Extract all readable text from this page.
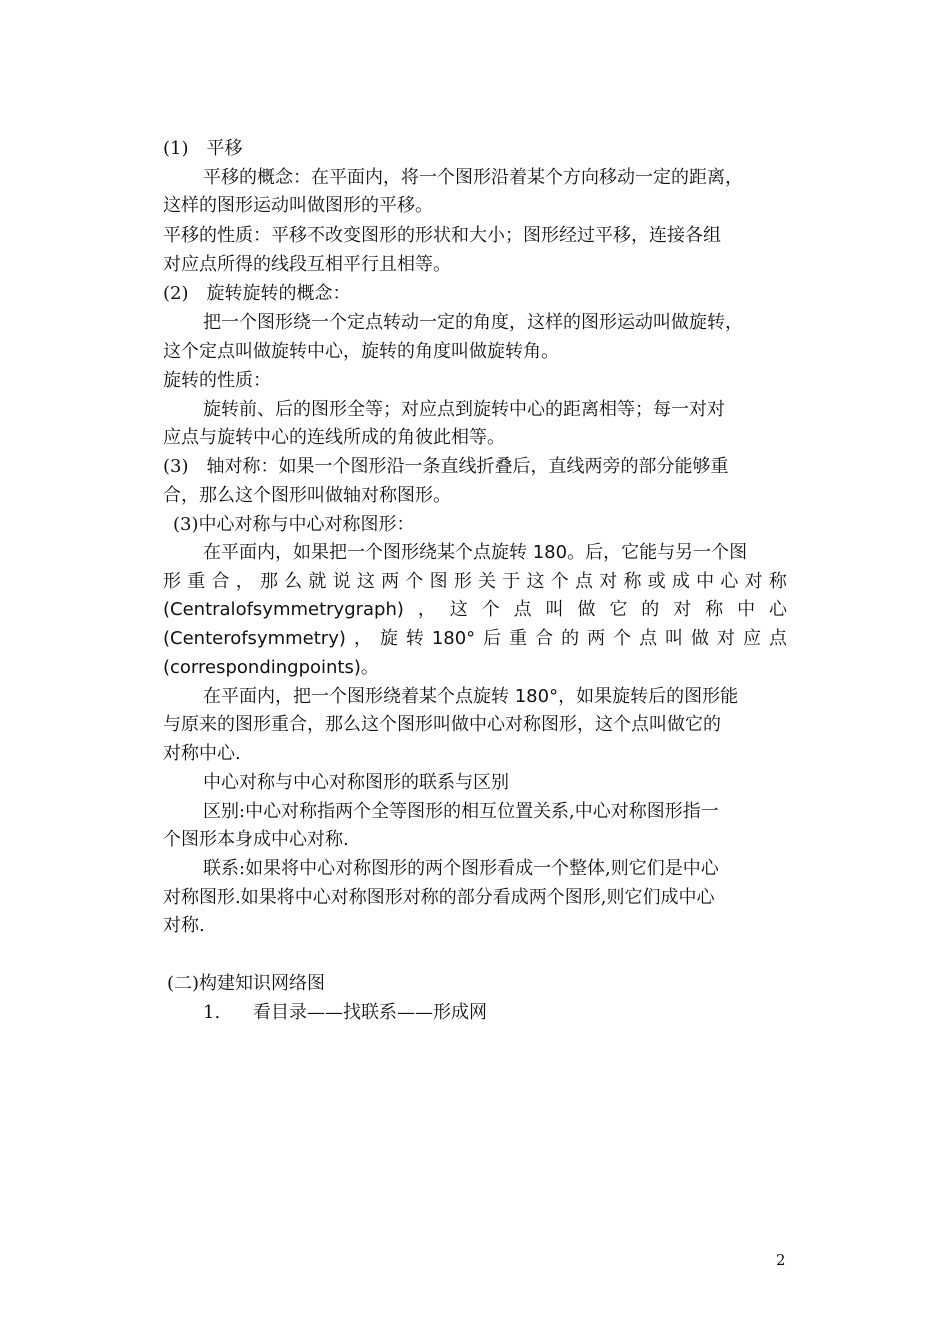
(1)　平移
平移的概念：在平面内，将一个图形沿着某个方向移动一定的距离，
这样的图形运动叫做图形的平移。
平移的性质：平移不改变图形的形状和大小；图形经过平移，连接各组
对应点所得的线段互相平行且相等。
(2)　旋转旋转的概念：
把一个图形绕一个定点转动一定的角度，这样的图形运动叫做旋转，
这个定点叫做旋转中心，旋转的角度叫做旋转角。
旋转的性质：
旋转前、后的图形全等；对应点到旋转中心的距离相等；每一对对
应点与旋转中心的连线所成的角彼此相等。
(3)　轴对称：如果一个图形沿一条直线折叠后，直线两旁的部分能够重
合，那么这个图形叫做轴对称图形。
(3)中心对称与中心对称图形：
在平面内，如果把一个图形绕某个点旋转 180。后，它能与另一个图
形 重 合 ， 那 么 就 说 这 两 个 图 形 关 于 这 个 点 对 称 或 成 中 心 对 称
(Centralofsymmetrygraph) ， 这 个 点 叫 做 它 的 对 称 中 心
(Centerofsymmetry) ， 旋 转 180° 后 重 合 的 两 个 点 叫 做 对 应 点
(correspondingpoints)。
在平面内，把一个图形绕着某个点旋转 180°，如果旋转后的图形能
与原来的图形重合，那么这个图形叫做中心对称图形，这个点叫做它的
对称中心.
中心对称与中心对称图形的联系与区别
区别:中心对称指两个全等图形的相互位置关系,中心对称图形指一
个图形本身成中心对称.
联系:如果将中心对称图形的两个图形看成一个整体,则它们是中心
对称图形.如果将中心对称图形对称的部分看成两个图形,则它们成中心
对称.
(二)构建知识网络图
1. 看目录——找联系——形成网
2
